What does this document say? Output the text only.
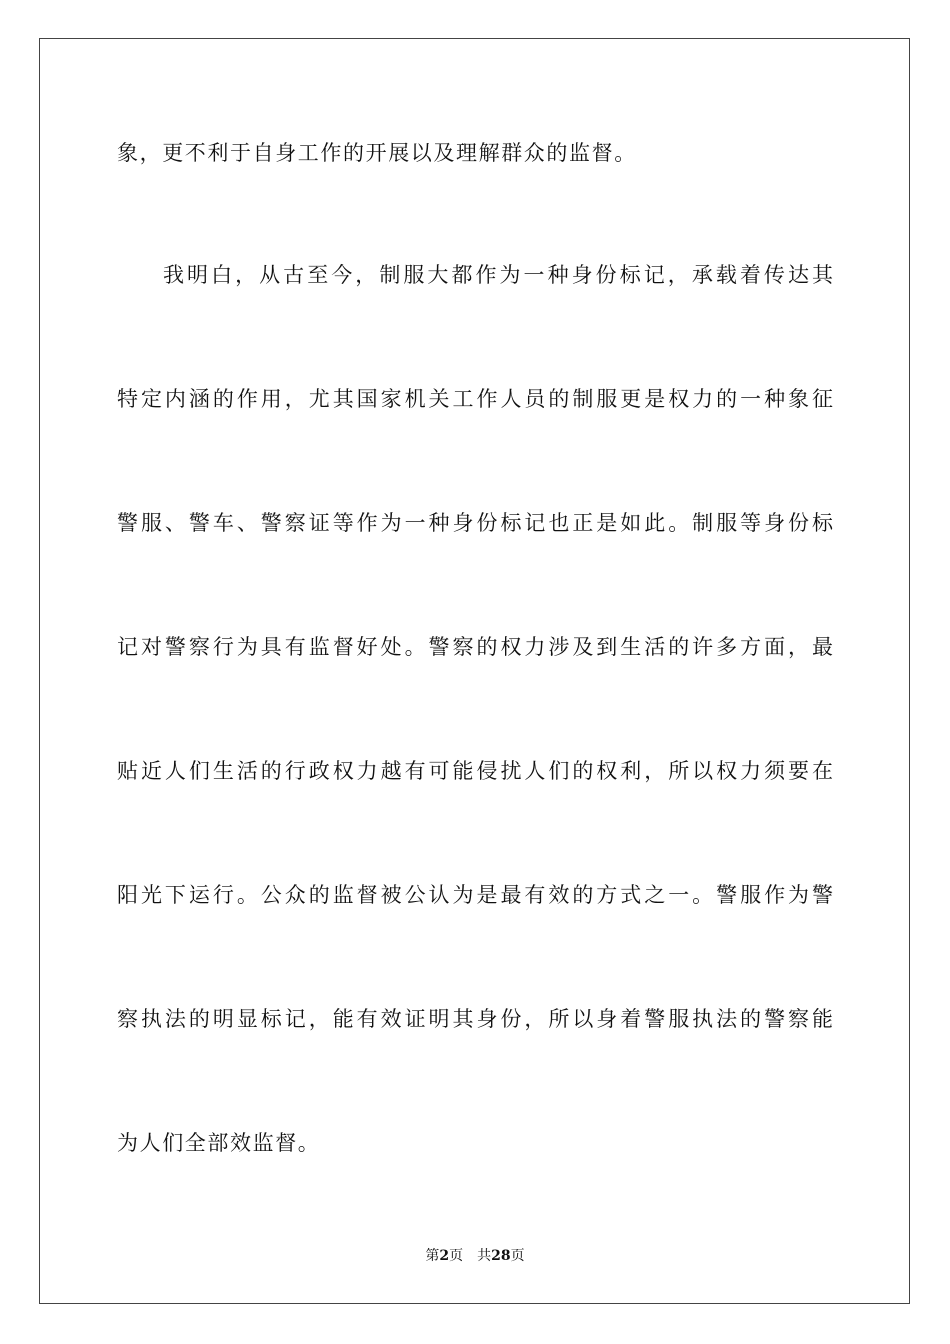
象，更不利于自身工作的开展以及理解群众的监督。
我明白，从古至今，制服大都作为一种身份标记，承载着传达其
特定内涵的作用，尤其国家机关工作人员的制服更是权力的一种象征
警服、警车、警察证等作为一种身份标记也正是如此。制服等身份标
记对警察行为具有监督好处。警察的权力涉及到生活的许多方面，最
贴近人们生活的行政权力越有可能侵扰人们的权利，所以权力须要在
阳光下运行。公众的监督被公认为是最有效的方式之一。警服作为警
察执法的明显标记，能有效证明其身份，所以身着警服执法的警察能
为人们全部效监督。
第2页 共28页
